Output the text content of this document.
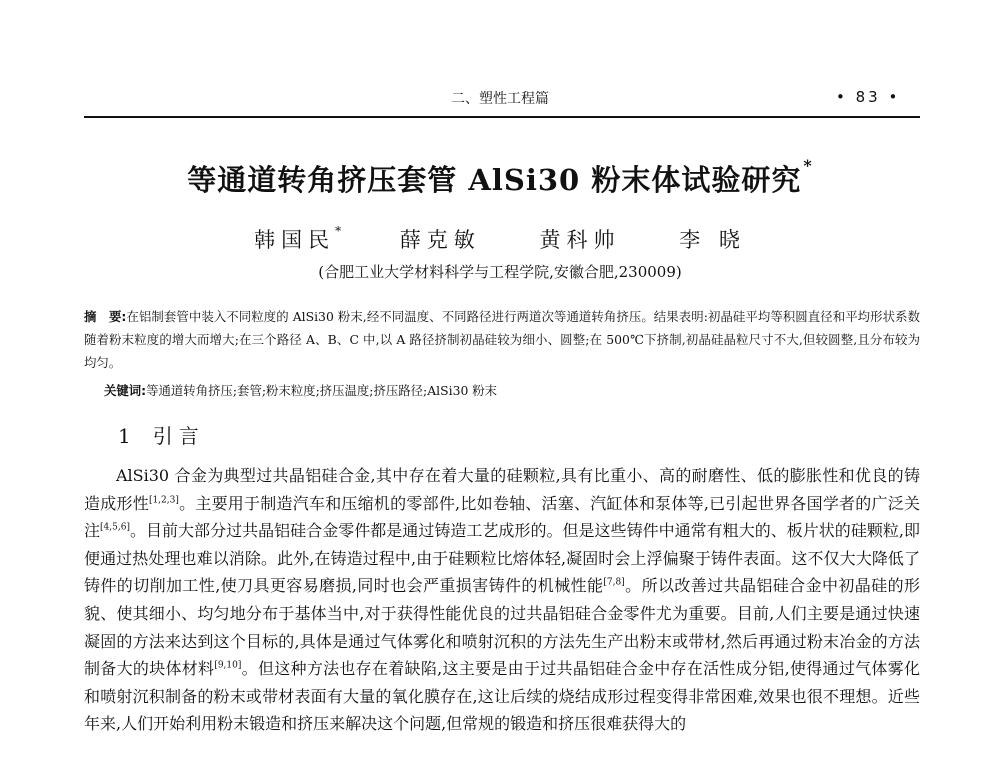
二、塑性工程篇	• 83 •
等通道转角挤压套管 AlSi30 粉末体试验研究 *
韩国民*	薛克敏	黄科帅	李 晓
(合肥工业大学材料科学与工程学院,安徽合肥,230009)
摘　要:在铝制套管中装入不同粒度的 AlSi30 粉末,经不同温度、不同路径进行两道次等通道转角挤压。结果表明:初晶硅平均等积圆直径和平均形状系数随着粉末粒度的增大而增大;在三个路径 A、B、C 中,以 A 路径挤制初晶硅较为细小、圆整;在 500℃下挤制,初晶硅晶粒尺寸不大,但较圆整,且分布较为均匀。
关键词:等通道转角挤压;套管;粉末粒度;挤压温度;挤压路径;AlSi30 粉末
1 引言
AlSi30 合金为典型过共晶铝硅合金,其中存在着大量的硅颗粒,具有比重小、高的耐磨性、低的膨胀性和优良的铸造成形性[1,2,3]。主要用于制造汽车和压缩机的零部件,比如卷轴、活塞、汽缸体和泵体等,已引起世界各国学者的广泛关注[4,5,6]。目前大部分过共晶铝硅合金零件都是通过铸造工艺成形的。但是这些铸件中通常有粗大的、板片状的硅颗粒,即便通过热处理也难以消除。此外,在铸造过程中,由于硅颗粒比熔体轻,凝固时会上浮偏聚于铸件表面。这不仅大大降低了铸件的切削加工性,使刀具更容易磨损,同时也会严重损害铸件的机械性能[7,8]。所以改善过共晶铝硅合金中初晶硅的形貌、使其细小、均匀地分布于基体当中,对于获得性能优良的过共晶铝硅合金零件尤为重要。目前,人们主要是通过快速凝固的方法来达到这个目标的,具体是通过气体雾化和喷射沉积的方法先生产出粉末或带材,然后再通过粉末冶金的方法制备大的块体材料[9,10]。但这种方法也存在着缺陷,这主要是由于过共晶铝硅合金中存在活性成分铝,使得通过气体雾化和喷射沉积制备的粉末或带材表面有大量的氧化膜存在,这让后续的烧结成形过程变得非常困难,效果也很不理想。近些年来,人们开始利用粉末锻造和挤压来解决这个问题,但常规的锻造和挤压很难获得大的
